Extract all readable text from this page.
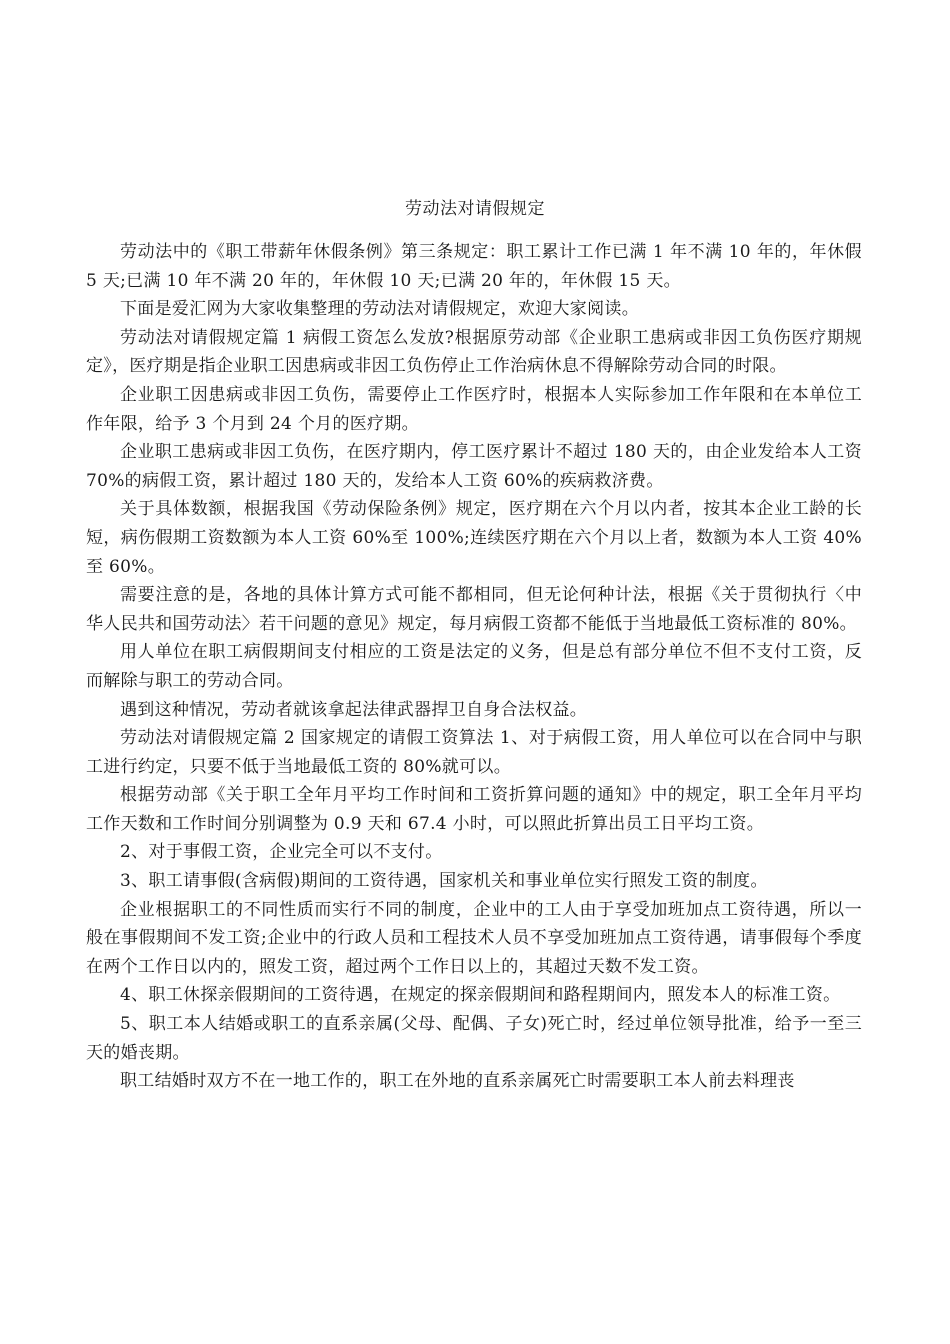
劳动法对请假规定

劳动法中的《职工带薪年休假条例》第三条规定：职工累计工作已满 1 年不满 10 年的，年休假 5 天;已满 10 年不满 20 年的，年休假 10 天;已满 20 年的，年休假 15 天。

下面是爱汇网为大家收集整理的劳动法对请假规定，欢迎大家阅读。

劳动法对请假规定篇 1 病假工资怎么发放?根据原劳动部《企业职工患病或非因工负伤医疗期规定》，医疗期是指企业职工因患病或非因工负伤停止工作治病休息不得解除劳动合同的时限。

企业职工因患病或非因工负伤，需要停止工作医疗时，根据本人实际参加工作年限和在本单位工作年限，给予 3 个月到 24 个月的医疗期。

企业职工患病或非因工负伤，在医疗期内，停工医疗累计不超过 180 天的，由企业发给本人工资 70%的病假工资，累计超过 180 天的，发给本人工资 60%的疾病救济费。

关于具体数额，根据我国《劳动保险条例》规定，医疗期在六个月以内者，按其本企业工龄的长短，病伤假期工资数额为本人工资 60%至 100%;连续医疗期在六个月以上者，数额为本人工资 40%至 60%。

需要注意的是，各地的具体计算方式可能不都相同，但无论何种计法，根据《关于贯彻执行〈中华人民共和国劳动法〉若干问题的意见》规定，每月病假工资都不能低于当地最低工资标准的 80%。

用人单位在职工病假期间支付相应的工资是法定的义务，但是总有部分单位不但不支付工资，反而解除与职工的劳动合同。

遇到这种情况，劳动者就该拿起法律武器捍卫自身合法权益。

劳动法对请假规定篇 2 国家规定的请假工资算法 1、对于病假工资，用人单位可以在合同中与职工进行约定，只要不低于当地最低工资的 80%就可以。

根据劳动部《关于职工全年月平均工作时间和工资折算问题的通知》中的规定，职工全年月平均工作天数和工作时间分别调整为 0.9 天和 67.4 小时，可以照此折算出员工日平均工资。

2、对于事假工资，企业完全可以不支付。

3、职工请事假(含病假)期间的工资待遇，国家机关和事业单位实行照发工资的制度。

企业根据职工的不同性质而实行不同的制度，企业中的工人由于享受加班加点工资待遇，所以一般在事假期间不发工资;企业中的行政人员和工程技术人员不享受加班加点工资待遇，请事假每个季度在两个工作日以内的，照发工资，超过两个工作日以上的，其超过天数不发工资。

4、职工休探亲假期间的工资待遇，在规定的探亲假期间和路程期间内，照发本人的标准工资。

5、职工本人结婚或职工的直系亲属(父母、配偶、子女)死亡时，经过单位领导批准，给予一至三天的婚丧期。

职工结婚时双方不在一地工作的，职工在外地的直系亲属死亡时需要职工本人前去料理丧
